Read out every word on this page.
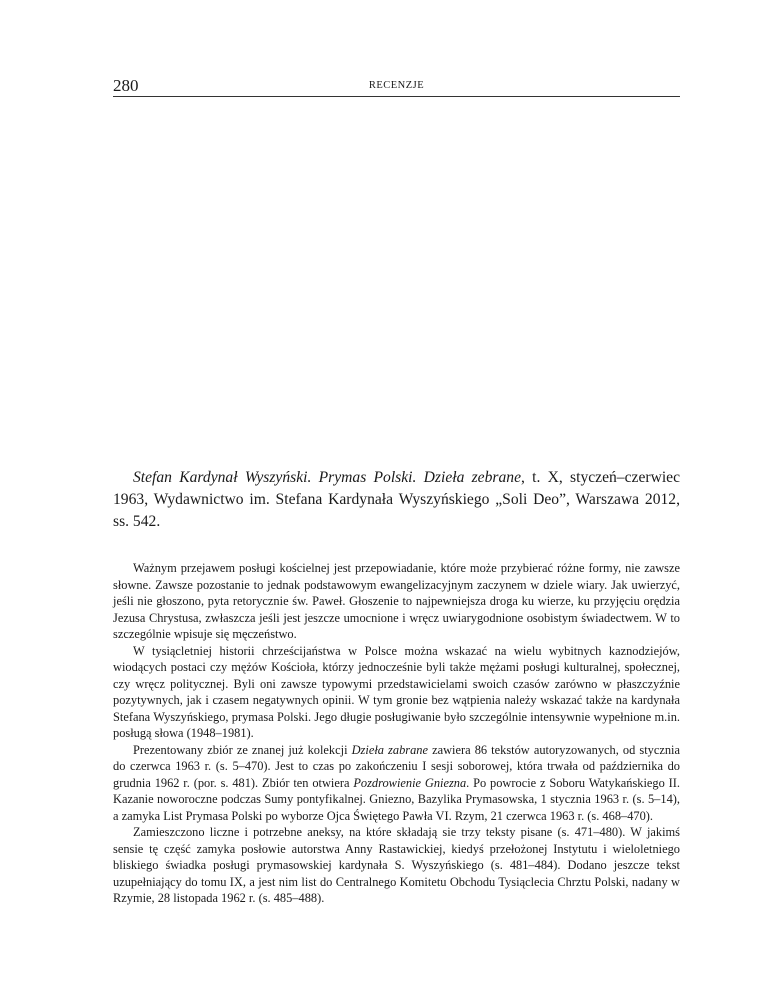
280	RECENZJE

Stefan Kardynał Wyszyński. Prymas Polski. Dzieła zebrane, t. X, styczeń–czerwiec 1963, Wydawnictwo im. Stefana Kardynała Wyszyńskiego „Soli Deo”, Warszawa 2012, ss. 542.

Ważnym przejawem posługi kościelnej jest przepowiadanie, które może przybierać różne formy, nie zawsze słowne. Zawsze pozostanie to jednak podstawowym ewangelizacyjnym zaczynem w dziele wiary. Jak uwierzyć, jeśli nie głoszono, pyta retorycznie św. Paweł. Głoszenie to najpewniejsza droga ku wierze, ku przyjęciu orędzia Jezusa Chrystusa, zwłaszcza jeśli jest jeszcze umocnione i wręcz uwiarygodnione osobistym świadectwem. W to szczególnie wpisuje się męczeństwo.

W tysiącletniej historii chrześcijaństwa w Polsce można wskazać na wielu wybitnych kaznodziejów, wiodących postaci czy mężów Kościoła, którzy jednocześnie byli także mężami posługi kulturalnej, społecznej, czy wręcz politycznej. Byli oni zawsze typowymi przedstawicielami swoich czasów zarówno w płaszczyźnie pozytywnych, jak i czasem negatywnych opinii. W tym gronie bez wątpienia należy wskazać także na kardynała Stefana Wyszyńskiego, prymasa Polski. Jego długie posługiwanie było szczególnie intensywnie wypełnione m.in. posługą słowa (1948–1981).

Prezentowany zbiór ze znanej już kolekcji Dzieła zabrane zawiera 86 tekstów autoryzowanych, od stycznia do czerwca 1963 r. (s. 5–470). Jest to czas po zakończeniu I sesji soborowej, która trwała od października do grudnia 1962 r. (por. s. 481). Zbiór ten otwiera Pozdrowienie Gniezna. Po powrocie z Soboru Watykańskiego II. Kazanie noworoczne podczas Sumy pontyfikalnej. Gniezno, Bazylika Prymasowska, 1 stycznia 1963 r. (s. 5–14), a zamyka List Prymasa Polski po wyborze Ojca Świętego Pawła VI. Rzym, 21 czerwca 1963 r. (s. 468–470).

Zamieszczono liczne i potrzebne aneksy, na które składają sie trzy teksty pisane (s. 471–480). W jakimś sensie tę część zamyka posłowie autorstwa Anny Rastawickiej, kiedyś przełożonej Instytutu i wieloletniego bliskiego świadka posługi prymasowskiej kardynała S. Wyszyńskiego (s. 481–484). Dodano jeszcze tekst uzupełniający do tomu IX, a jest nim list do Centralnego Komitetu Obchodu Tysiąclecia Chrztu Polski, nadany w Rzymie, 28 listopada 1962 r. (s. 485–488).
